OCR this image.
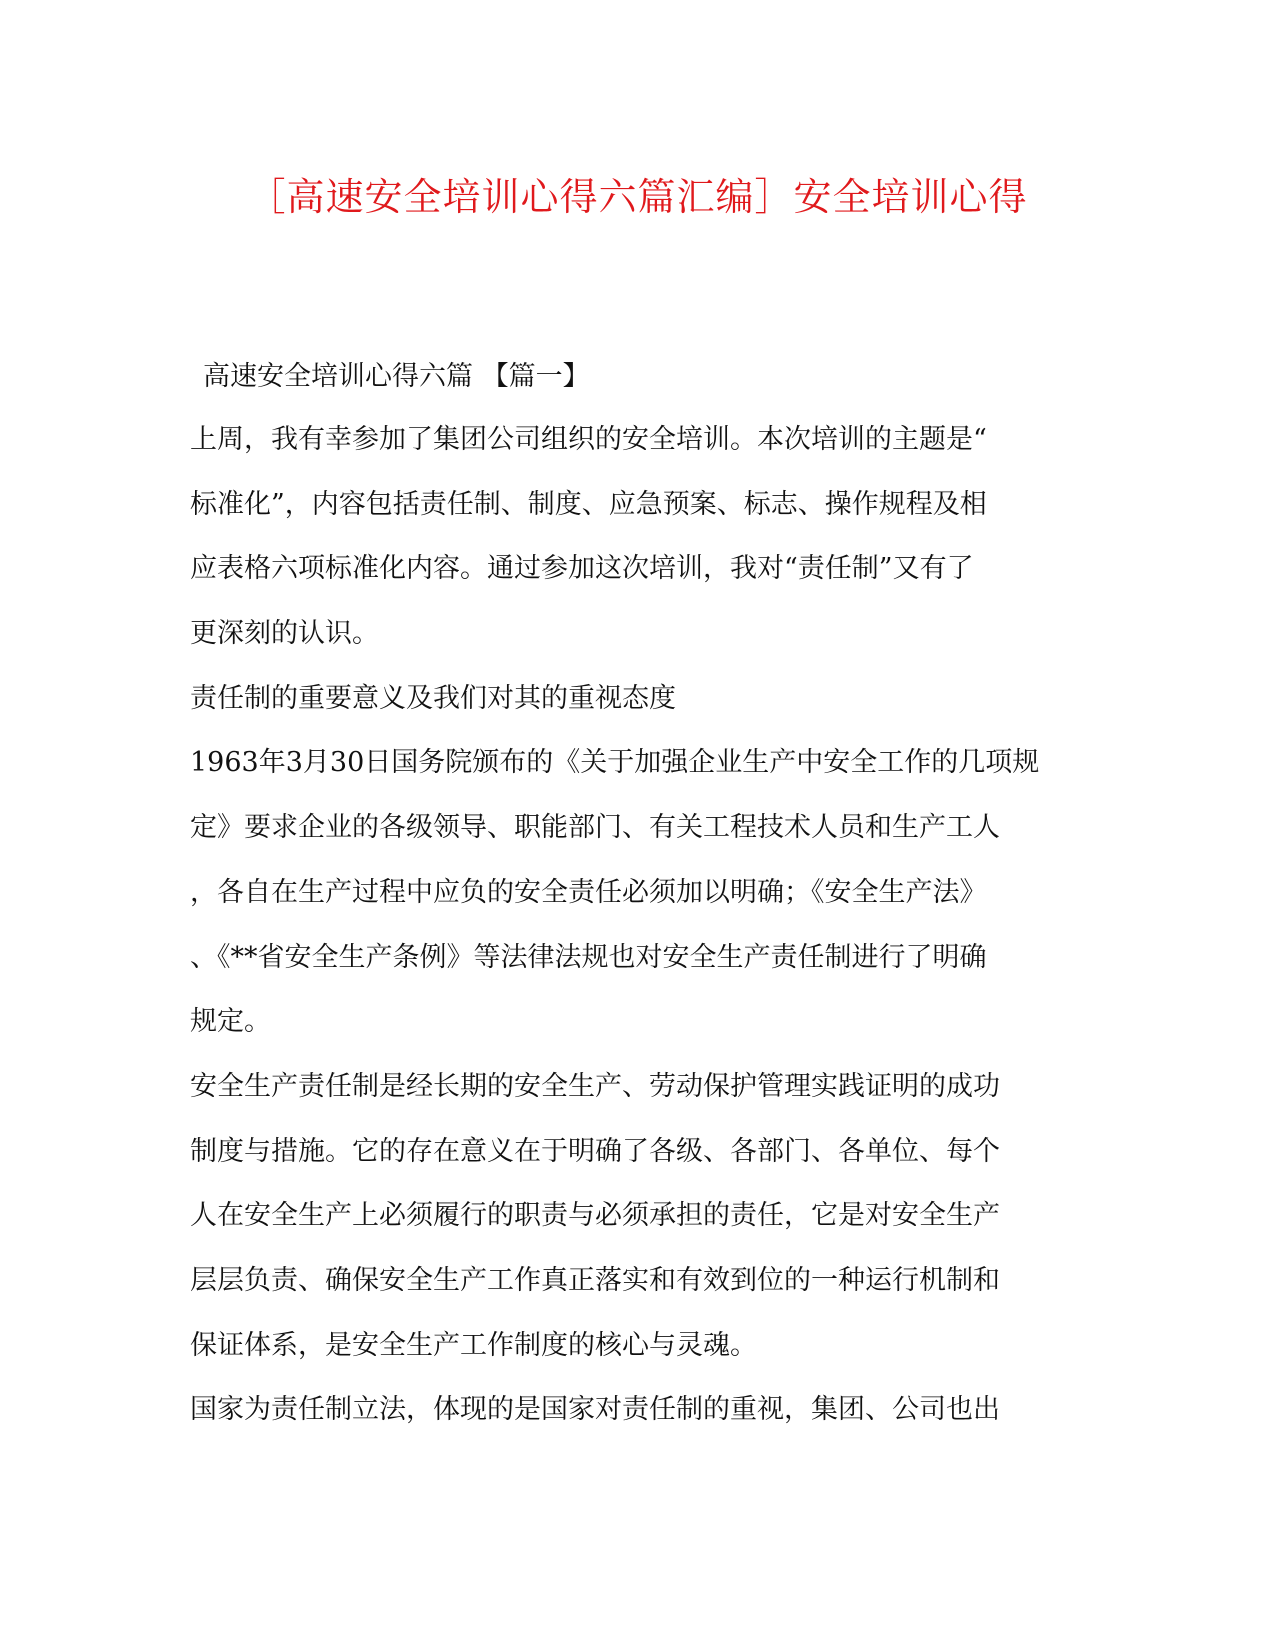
［高速安全培训心得六篇汇编］安全培训心得
高速安全培训心得六篇 【篇一】
上周，我有幸参加了集团公司组织的安全培训。本次培训的主题是“
标准化”，内容包括责任制、制度、应急预案、标志、操作规程及相
应表格六项标准化内容。通过参加这次培训，我对“责任制”又有了
更深刻的认识。
责任制的重要意义及我们对其的重视态度
1963年3月30日国务院颁布的《关于加强企业生产中安全工作的几项规
定》要求企业的各级领导、职能部门、有关工程技术人员和生产工人
，各自在生产过程中应负的安全责任必须加以明确；《安全生产法》
、《**省安全生产条例》等法律法规也对安全生产责任制进行了明确
规定。
安全生产责任制是经长期的安全生产、劳动保护管理实践证明的成功
制度与措施。它的存在意义在于明确了各级、各部门、各单位、每个
人在安全生产上必须履行的职责与必须承担的责任，它是对安全生产
层层负责、确保安全生产工作真正落实和有效到位的一种运行机制和
保证体系，是安全生产工作制度的核心与灵魂。
国家为责任制立法，体现的是国家对责任制的重视，集团、公司也出
